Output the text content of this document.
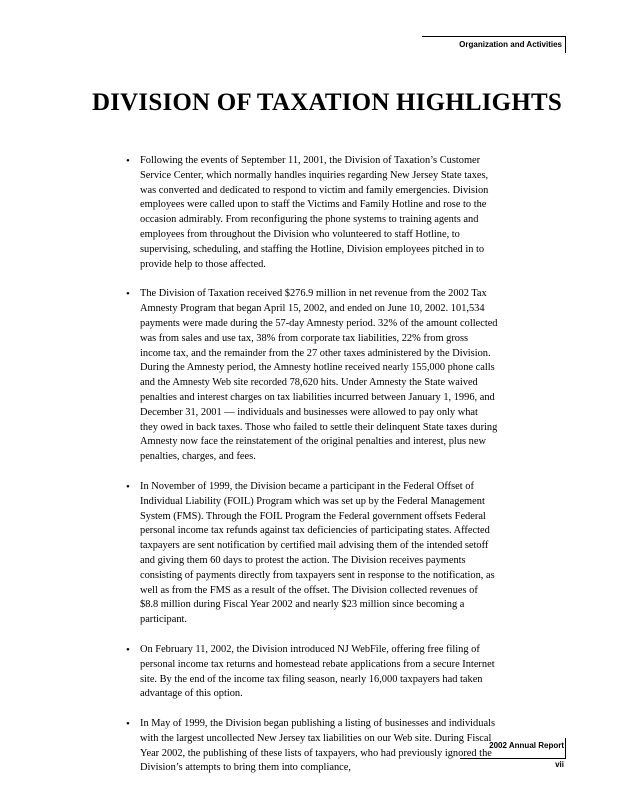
Organization and Activities
DIVISION OF TAXATION HIGHLIGHTS
• Following the events of September 11, 2001, the Division of Taxation’s Customer Service Center, which normally handles inquiries regarding New Jersey State taxes, was converted and dedicated to respond to victim and family emergencies. Division employees were called upon to staff the Victims and Family Hotline and rose to the occasion admirably. From reconfiguring the phone systems to training agents and employees from throughout the Division who volunteered to staff Hotline, to supervising, scheduling, and staffing the Hotline, Division employees pitched in to provide help to those affected.
• The Division of Taxation received $276.9 million in net revenue from the 2002 Tax Amnesty Program that began April 15, 2002, and ended on June 10, 2002. 101,534 payments were made during the 57-day Amnesty period. 32% of the amount collected was from sales and use tax, 38% from corporate tax liabilities, 22% from gross income tax, and the remainder from the 27 other taxes administered by the Division. During the Amnesty period, the Amnesty hotline received nearly 155,000 phone calls and the Amnesty Web site recorded 78,620 hits. Under Amnesty the State waived penalties and interest charges on tax liabilities incurred between January 1, 1996, and December 31, 2001 — individuals and businesses were allowed to pay only what they owed in back taxes. Those who failed to settle their delinquent State taxes during Amnesty now face the reinstatement of the original penalties and interest, plus new penalties, charges, and fees.
• In November of 1999, the Division became a participant in the Federal Offset of Individual Liability (FOIL) Program which was set up by the Federal Management System (FMS). Through the FOIL Program the Federal government offsets Federal personal income tax refunds against tax deficiencies of participating states. Affected taxpayers are sent notification by certified mail advising them of the intended setoff and giving them 60 days to protest the action. The Division receives payments consisting of payments directly from taxpayers sent in response to the notification, as well as from the FMS as a result of the offset. The Division collected revenues of $8.8 million during Fiscal Year 2002 and nearly $23 million since becoming a participant.
• On February 11, 2002, the Division introduced NJ WebFile, offering free filing of personal income tax returns and homestead rebate applications from a secure Internet site. By the end of the income tax filing season, nearly 16,000 taxpayers had taken advantage of this option.
• In May of 1999, the Division began publishing a listing of businesses and individuals with the largest uncollected New Jersey tax liabilities on our Web site. During Fiscal Year 2002, the publishing of these lists of taxpayers, who had previously ignored the Division’s attempts to bring them into compliance,
2002 Annual Report
vii
